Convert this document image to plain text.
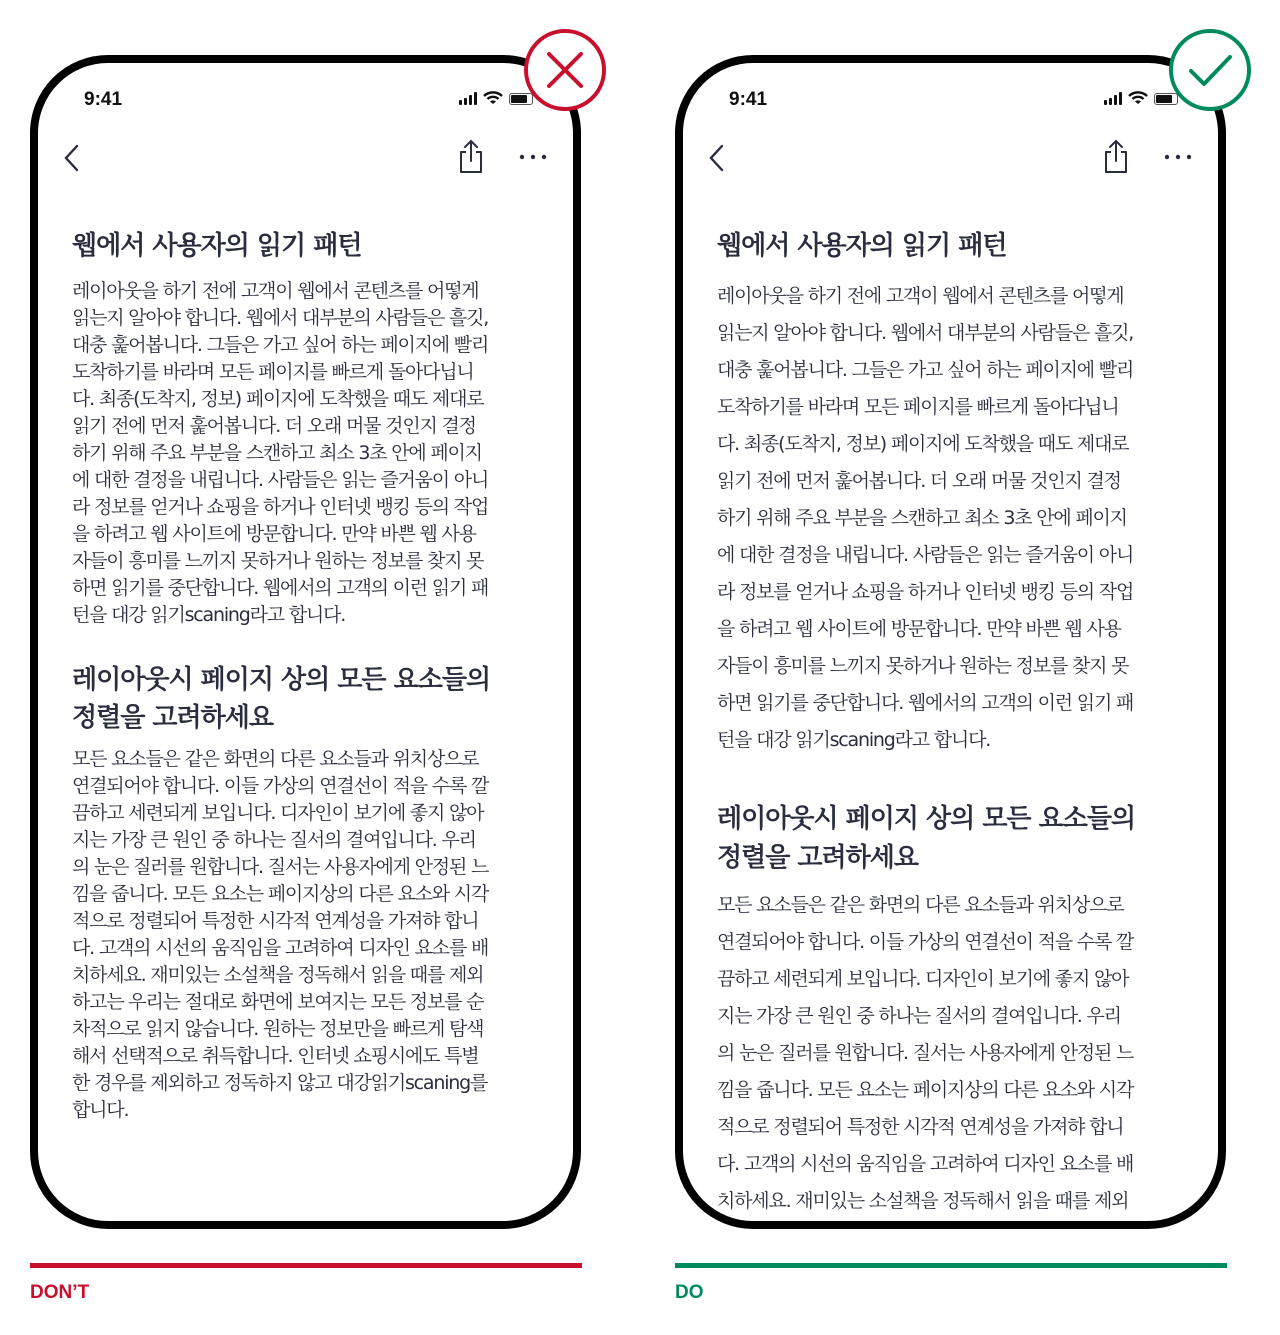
9:41
웹에서 사용자의 읽기 패턴
레이아웃을 하기 전에 고객이 웹에서 콘텐츠를 어떻게
읽는지 알아야 합니다. 웹에서 대부분의 사람들은 흘깃,
대충 훑어봅니다. 그들은 가고 싶어 하는 페이지에 빨리
도착하기를 바라며 모든 페이지를 빠르게 돌아다닙니
다. 최종(도착지, 정보) 페이지에 도착했을 때도 제대로
읽기 전에 먼저 훑어봅니다. 더 오래 머물 것인지 결정
하기 위해 주요 부분을 스캔하고 최소 3초 안에 페이지
에 대한 결정을 내립니다. 사람들은 읽는 즐거움이 아니
라 정보를 얻거나 쇼핑을 하거나 인터넷 뱅킹 등의 작업
을 하려고 웹 사이트에 방문합니다. 만약 바쁜 웹 사용
자들이 흥미를 느끼지 못하거나 원하는 정보를 찾지 못
하면 읽기를 중단합니다. 웹에서의 고객의 이런 읽기 패
턴을 대강 읽기scaning라고 합니다.
레이아웃시 페이지 상의 모든 요소들의
정렬을 고려하세요
모든 요소들은 같은 화면의 다른 요소들과 위치상으로
연결되어야 합니다. 이들 가상의 연결선이 적을 수록 깔
끔하고 세련되게 보입니다. 디자인이 보기에 좋지 않아
지는 가장 큰 원인 중 하나는 질서의 결여입니다. 우리
의 눈은 질러를 원합니다. 질서는 사용자에게 안정된 느
낌을 줍니다. 모든 요소는 페이지상의 다른 요소와 시각
적으로 정렬되어 특정한 시각적 연계성을 가져햐 합니
다. 고객의 시선의 움직임을 고려하여 디자인 요소를 배
치하세요. 재미있는 소설책을 정독해서 읽을 때를 제외
하고는 우리는 절대로 화면에 보여지는 모든 정보를 순
차적으로 읽지 않습니다. 원하는 정보만을 빠르게 탐색
해서 선택적으로 취득합니다. 인터넷 쇼핑시에도 특별
한 경우를 제외하고 정독하지 않고 대강읽기scaning를
합니다.
9:41
웹에서 사용자의 읽기 패턴
레이아웃을 하기 전에 고객이 웹에서 콘텐츠를 어떻게
읽는지 알아야 합니다. 웹에서 대부분의 사람들은 흘깃,
대충 훑어봅니다. 그들은 가고 싶어 하는 페이지에 빨리
도착하기를 바라며 모든 페이지를 빠르게 돌아다닙니
다. 최종(도착지, 정보) 페이지에 도착했을 때도 제대로
읽기 전에 먼저 훑어봅니다. 더 오래 머물 것인지 결정
하기 위해 주요 부분을 스캔하고 최소 3초 안에 페이지
에 대한 결정을 내립니다. 사람들은 읽는 즐거움이 아니
라 정보를 얻거나 쇼핑을 하거나 인터넷 뱅킹 등의 작업
을 하려고 웹 사이트에 방문합니다. 만약 바쁜 웹 사용
자들이 흥미를 느끼지 못하거나 원하는 정보를 찾지 못
하면 읽기를 중단합니다. 웹에서의 고객의 이런 읽기 패
턴을 대강 읽기scaning라고 합니다.
레이아웃시 페이지 상의 모든 요소들의
정렬을 고려하세요
모든 요소들은 같은 화면의 다른 요소들과 위치상으로
연결되어야 합니다. 이들 가상의 연결선이 적을 수록 깔
끔하고 세련되게 보입니다. 디자인이 보기에 좋지 않아
지는 가장 큰 원인 중 하나는 질서의 결여입니다. 우리
의 눈은 질러를 원합니다. 질서는 사용자에게 안정된 느
낌을 줍니다. 모든 요소는 페이지상의 다른 요소와 시각
적으로 정렬되어 특정한 시각적 연계성을 가져햐 합니
다. 고객의 시선의 움직임을 고려하여 디자인 요소를 배
치하세요. 재미있는 소설책을 정독해서 읽을 때를 제외
DON’T	DO
